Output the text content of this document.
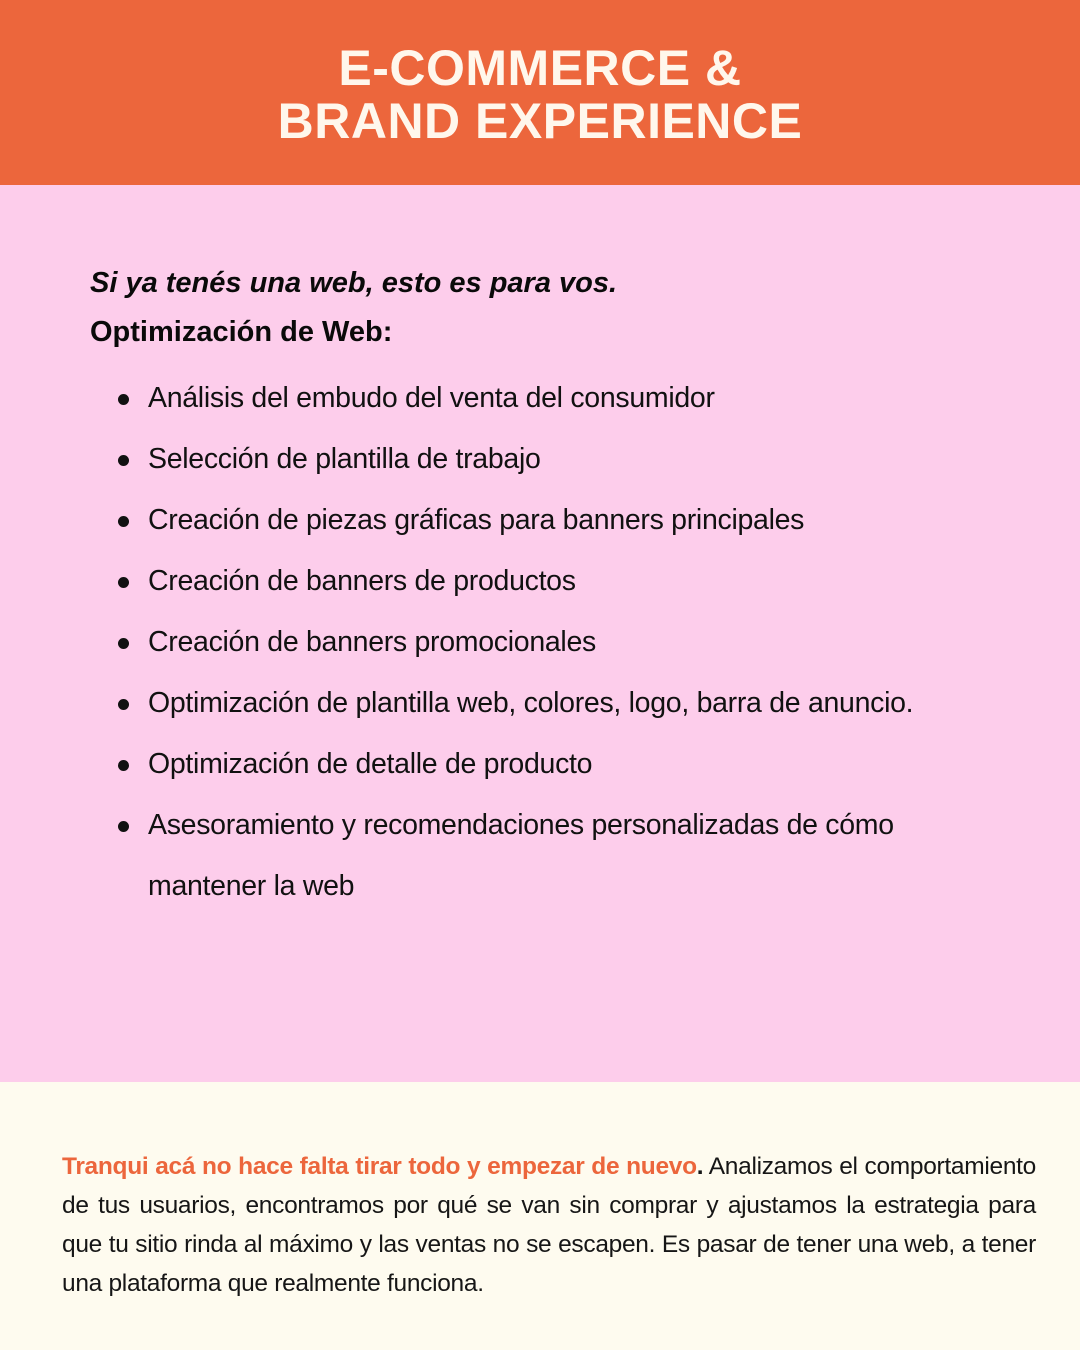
E-COMMERCE &
BRAND EXPERIENCE
Si ya tenés una web, esto es para vos.
Optimización de Web:
Análisis del embudo del venta del consumidor
Selección de plantilla de trabajo
Creación de piezas gráficas para banners principales
Creación de banners de productos
Creación de banners promocionales
Optimización de plantilla web, colores, logo, barra de anuncio.
Optimización de detalle de producto
Asesoramiento y recomendaciones personalizadas de cómo mantener la web

Tranqui acá no hace falta tirar todo y empezar de nuevo. Analizamos el comportamiento de tus usuarios, encontramos por qué se van sin comprar y ajustamos la estrategia para que tu sitio rinda al máximo y las ventas no se escapen. Es pasar de tener una web, a tener una plataforma que realmente funciona.
